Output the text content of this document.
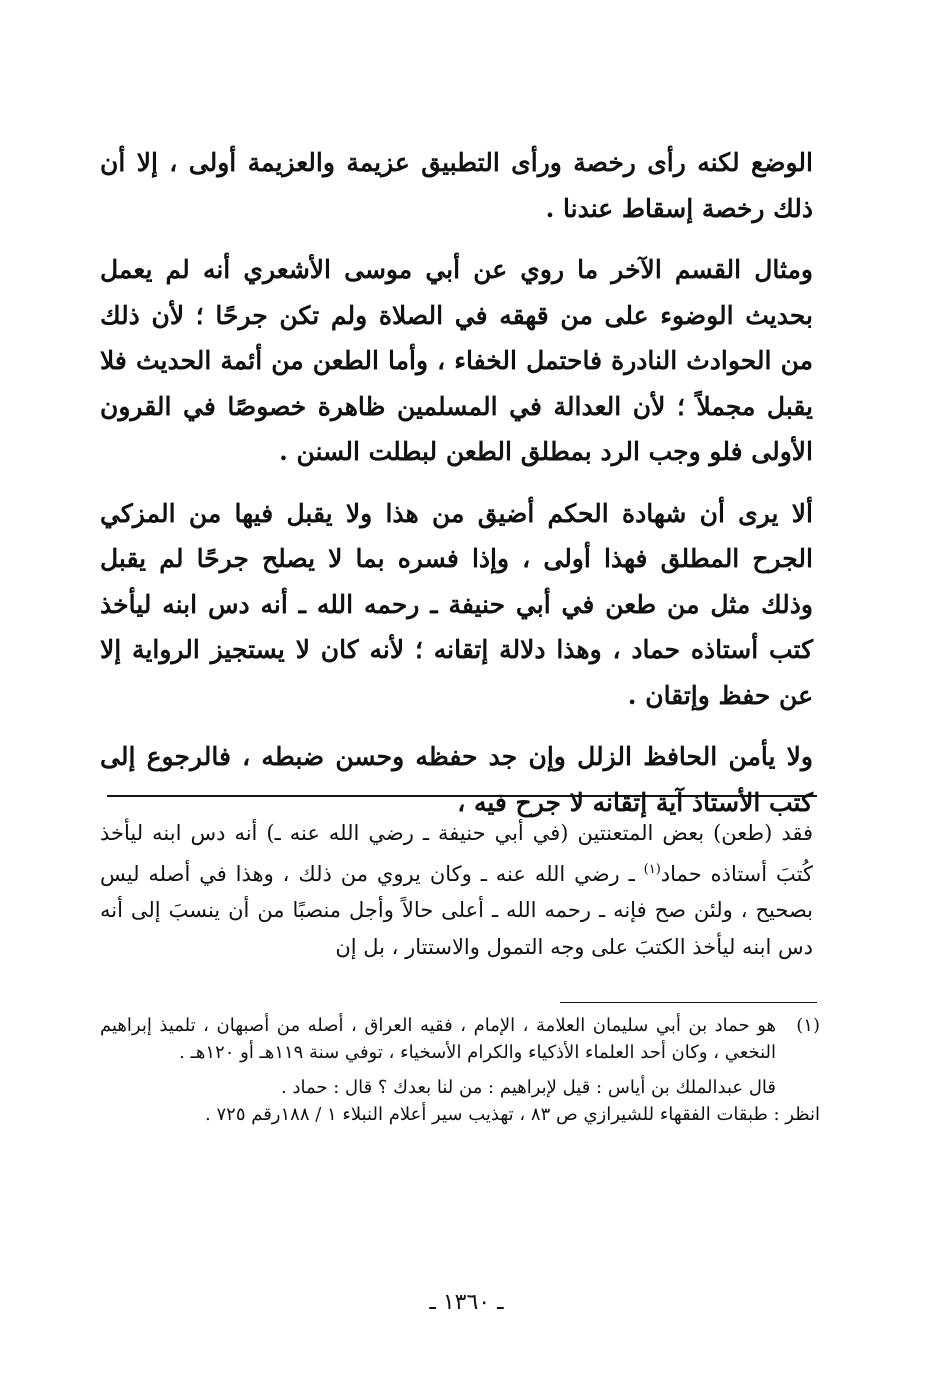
الوضع لكنه رأى رخصة ورأى التطبيق عزيمة والعزيمة أولى ، إلا أن ذلك رخصة إسقاط عندنا .

ومثال القسم الآخر ما روي عن أبي موسى الأشعري أنه لم يعمل بحديث الوضوء على من قهقه في الصلاة ولم تكن جرحًا ؛ لأن ذلك من الحوادث النادرة فاحتمل الخفاء ، وأما الطعن من أئمة الحديث فلا يقبل مجملاً ؛ لأن العدالة في المسلمين ظاهرة خصوصًا في القرون الأولى فلو وجب الرد بمطلق الطعن لبطلت السنن .

ألا يرى أن شهادة الحكم أضيق من هذا ولا يقبل فيها من المزكي الجرح المطلق فهذا أولى ، وإذا فسره بما لا يصلح جرحًا لم يقبل وذلك مثل من طعن في أبي حنيفة ـ رحمه الله ـ أنه دس ابنه ليأخذ كتب أستاذه حماد ، وهذا دلالة إتقانه ؛ لأنه كان لا يستجيز الرواية إلا عن حفظ وإتقان .

ولا يأمن الحافظ الزلل وإن جد حفظه وحسن ضبطه ، فالرجوع إلى كتب الأستاذ آية إتقانه لا جرح فيه ،

فقد (طعن) بعض المتعنتين (في أبي حنيفة ـ رضي الله عنه ـ) أنه دس ابنه ليأخذ كُتبَ أستاذه حماد$^{(١)}$ ـ رضي الله عنه ـ وكان يروي من ذلك ، وهذا في أصله ليس بصحيح ، ولئن صح فإنه ـ رحمه الله ـ أعلى حالاً وأجل منصبًا من أن ينسبَ إلى أنه دس ابنه ليأخذ الكتبَ على وجه التمول والاستتار ، بل إن

(١)

هو حماد بن أبي سليمان العلامة ، الإمام ، فقيه العراق ، أصله من أصبهان ، تلميذ إبراهيم النخعي ، وكان أحد العلماء الأذكياء والكرام الأسخياء ، توفي سنة ١١٩هـ أو ١٢٠هـ .

قال عبدالملك بن أياس : قيل لإبراهيم : من لنا بعدك ؟ قال : حماد .

انظر : طبقات الفقهاء للشيرازي ص ٨٣ ، تهذيب سير أعلام النبلاء ١ / ١٨٨رقم ٧٢٥ .

ـ ١٣٦٠ ـ
